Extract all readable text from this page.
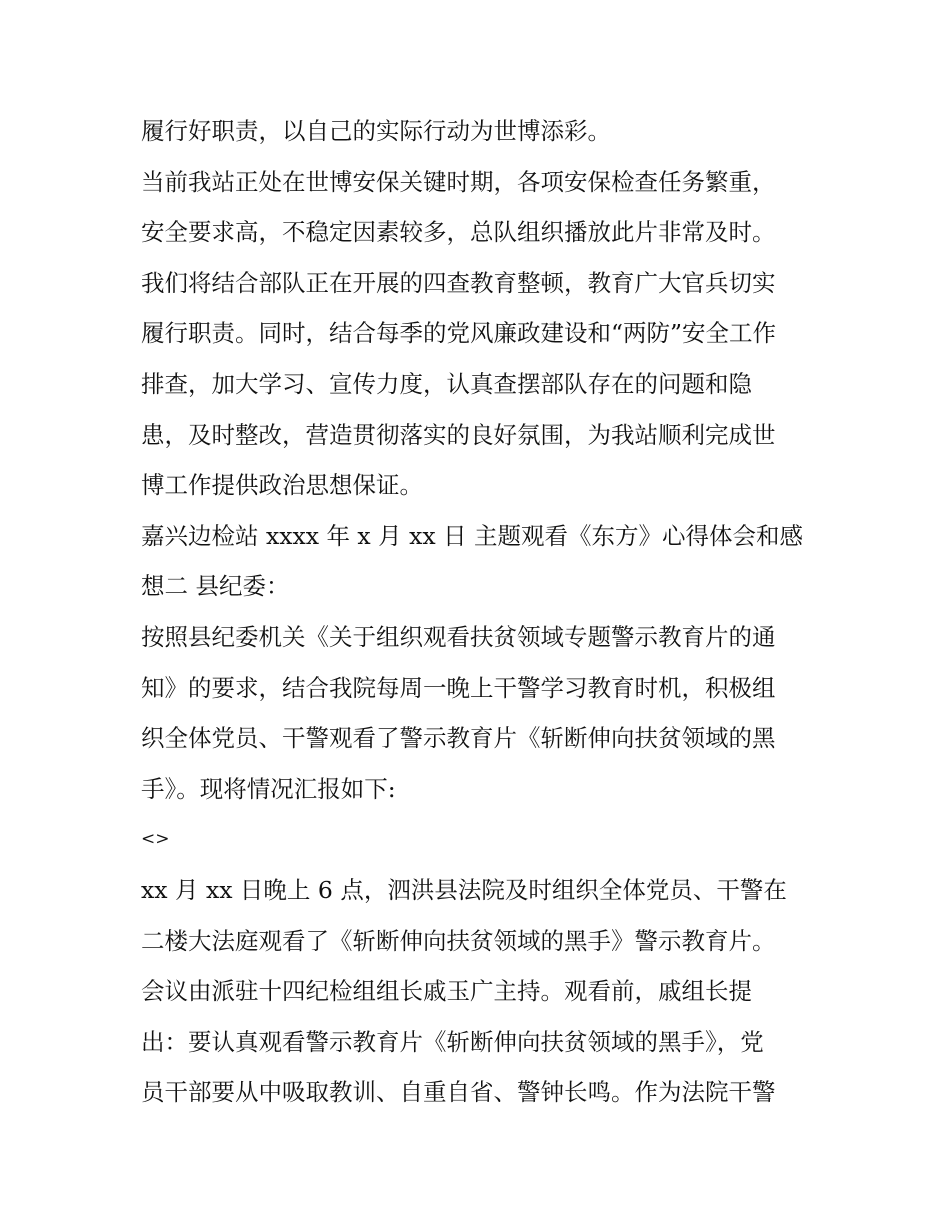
履行好职责，以自己的实际行动为世博添彩。
当前我站正处在世博安保关键时期，各项安保检查任务繁重，
安全要求高，不稳定因素较多，总队组织播放此片非常及时。
我们将结合部队正在开展的四查教育整顿，教育广大官兵切实
履行职责。同时，结合每季的党风廉政建设和“两防”安全工作
排查，加大学习、宣传力度，认真查摆部队存在的问题和隐
患，及时整改，营造贯彻落实的良好氛围，为我站顺利完成世
博工作提供政治思想保证。
嘉兴边检站 xxxx 年 x 月 xx 日 主题观看《东方》心得体会和感
想二 县纪委：
按照县纪委机关《关于组织观看扶贫领域专题警示教育片的通
知》的要求，结合我院每周一晚上干警学习教育时机，积极组
织全体党员、干警观看了警示教育片《斩断伸向扶贫领域的黑
手》。现将情况汇报如下:
<>
xx 月 xx 日晚上 6 点，泗洪县法院及时组织全体党员、干警在
二楼大法庭观看了《斩断伸向扶贫领域的黑手》警示教育片。
会议由派驻十四纪检组组长戚玉广主持。观看前，戚组长提
出：要认真观看警示教育片《斩断伸向扶贫领域的黑手》，党
员干部要从中吸取教训、自重自省、警钟长鸣。作为法院干警
